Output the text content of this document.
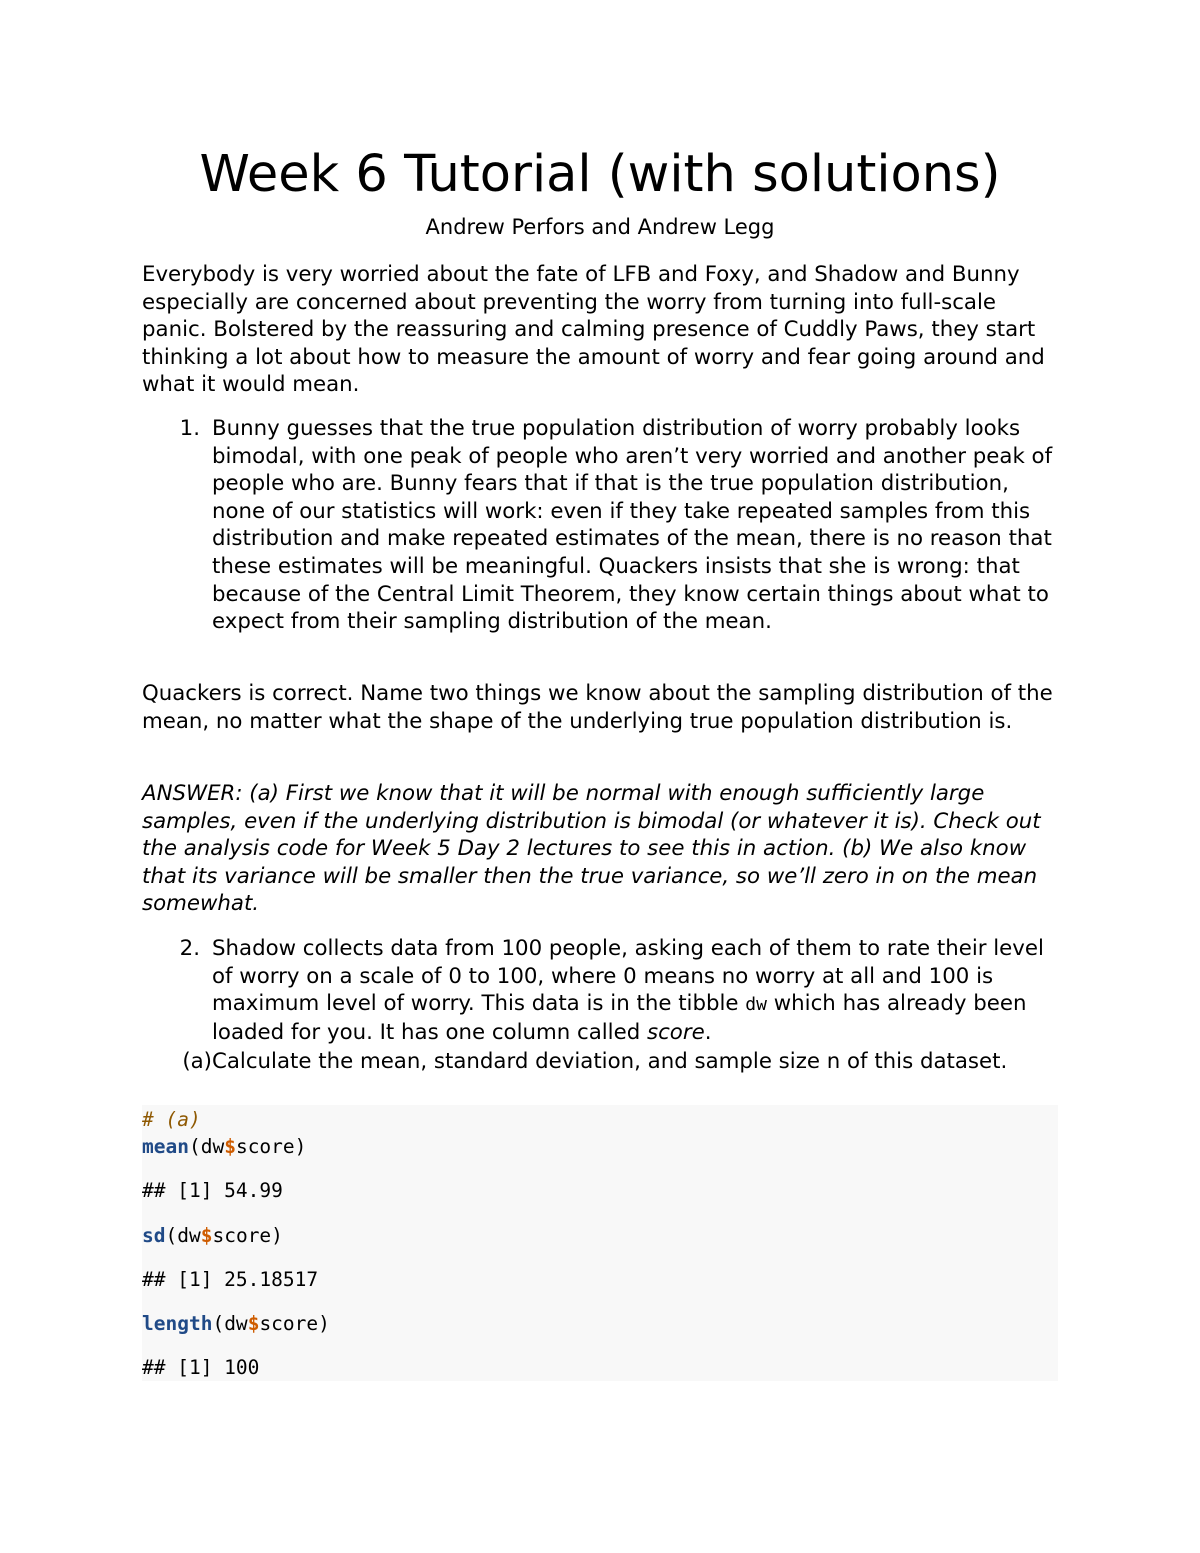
Week 6 Tutorial (with solutions)
Andrew Perfors and Andrew Legg

Everybody is very worried about the fate of LFB and Foxy, and Shadow and Bunny especially are concerned about preventing the worry from turning into full-scale panic. Bolstered by the reassuring and calming presence of Cuddly Paws, they start thinking a lot about how to measure the amount of worry and fear going around and what it would mean.

1. Bunny guesses that the true population distribution of worry probably looks bimodal, with one peak of people who aren’t very worried and another peak of people who are. Bunny fears that if that is the true population distribution, none of our statistics will work: even if they take repeated samples from this distribution and make repeated estimates of the mean, there is no reason that these estimates will be meaningful. Quackers insists that she is wrong: that because of the Central Limit Theorem, they know certain things about what to expect from their sampling distribution of the mean.

Quackers is correct. Name two things we know about the sampling distribution of the mean, no matter what the shape of the underlying true population distribution is.

ANSWER: (a) First we know that it will be normal with enough sufficiently large samples, even if the underlying distribution is bimodal (or whatever it is). Check out the analysis code for Week 5 Day 2 lectures to see this in action. (b) We also know that its variance will be smaller then the true variance, so we’ll zero in on the mean somewhat.

2. Shadow collects data from 100 people, asking each of them to rate their level of worry on a scale of 0 to 100, where 0 means no worry at all and 100 is maximum level of worry. This data is in the tibble dw which has already been loaded for you. It has one column called score.
(a) Calculate the mean, standard deviation, and sample size n of this dataset.
# (a)
mean(dw$score)
## [1] 54.99
sd(dw$score)
## [1] 25.18517
length(dw$score)
## [1] 100
